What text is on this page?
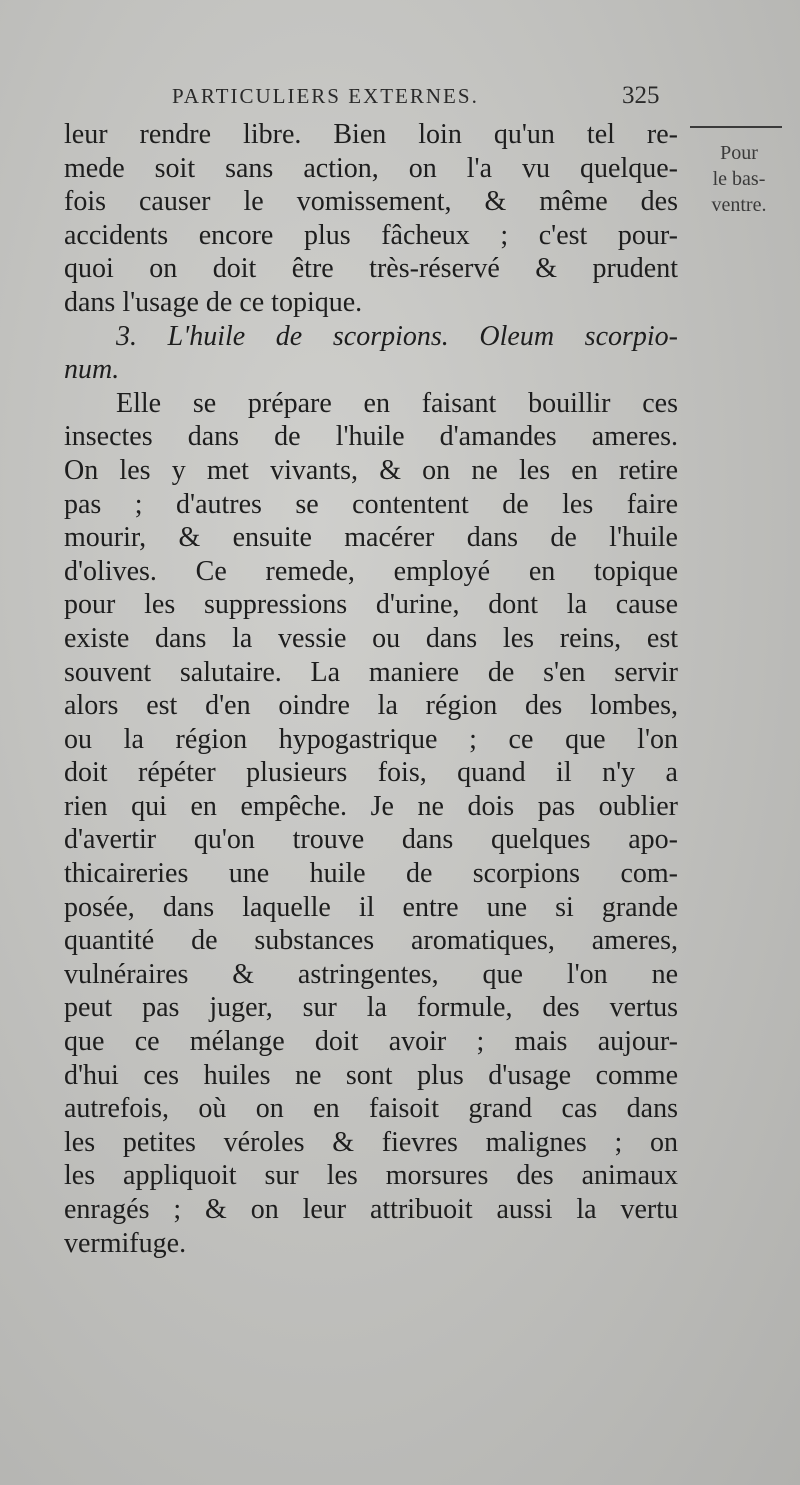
PARTICULIERS EXTERNES.	325
Pour
le bas-
ventre.
leur rendre libre. Bien loin qu'un tel re-
mede soit sans action, on l'a vu quelque-
fois causer le vomissement, & même des
accidents encore plus fâcheux ; c'est pour-
quoi on doit être très-réservé & prudent
dans l'usage de ce topique.
3. L'huile de scorpions. Oleum scorpio-
num.
Elle se prépare en faisant bouillir ces
insectes dans de l'huile d'amandes ameres.
On les y met vivants, & on ne les en retire
pas ; d'autres se contentent de les faire
mourir, & ensuite macérer dans de l'huile
d'olives. Ce remede, employé en topique
pour les suppressions d'urine, dont la cause
existe dans la vessie ou dans les reins, est
souvent salutaire. La maniere de s'en servir
alors est d'en oindre la région des lombes,
ou la région hypogastrique ; ce que l'on
doit répéter plusieurs fois, quand il n'y a
rien qui en empêche. Je ne dois pas oublier
d'avertir qu'on trouve dans quelques apo-
thicaireries une huile de scorpions com-
posée, dans laquelle il entre une si grande
quantité de substances aromatiques, ameres,
vulnéraires & astringentes, que l'on ne
peut pas juger, sur la formule, des vertus
que ce mélange doit avoir ; mais aujour-
d'hui ces huiles ne sont plus d'usage comme
autrefois, où on en faisoit grand cas dans
les petites véroles & fievres malignes ; on
les appliquoit sur les morsures des animaux
enragés ; & on leur attribuoit aussi la vertu
vermifuge.
